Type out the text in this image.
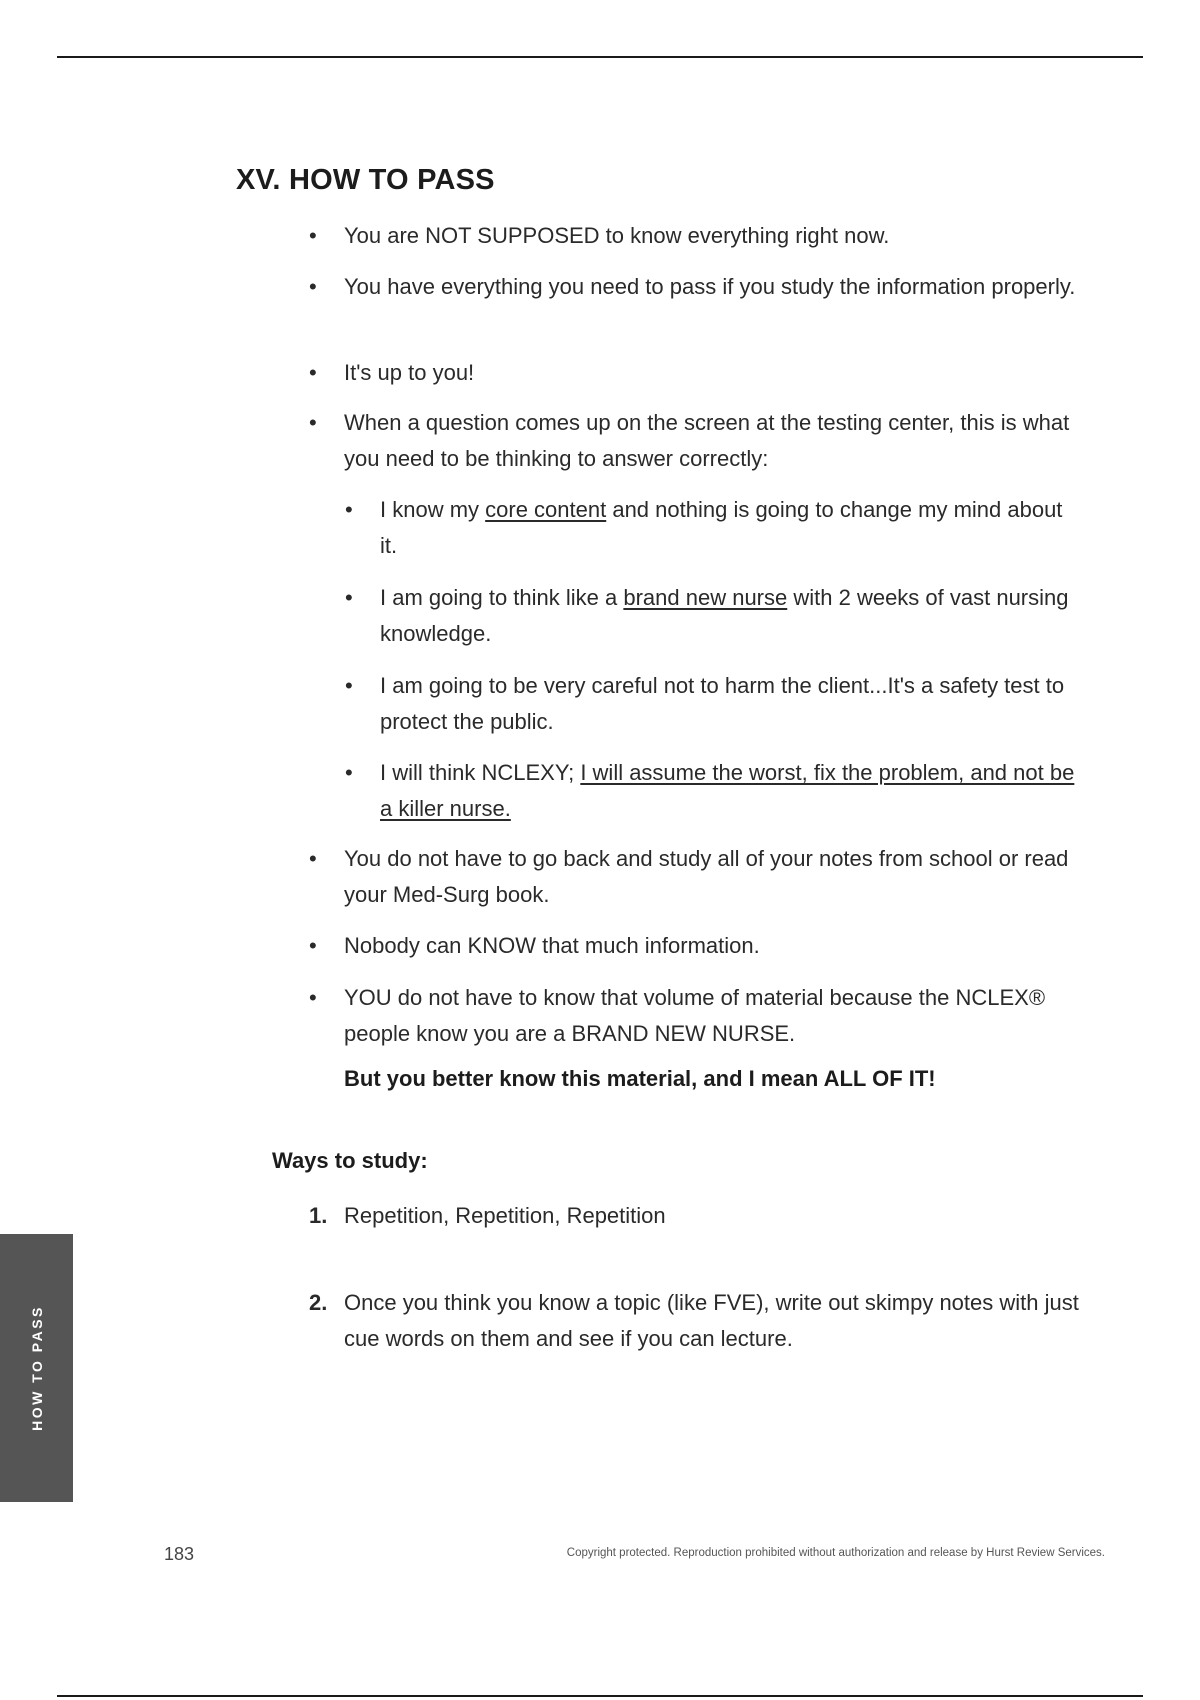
XV. HOW TO PASS
• You are NOT SUPPOSED to know everything right now.
• You have everything you need to pass if you study the information properly.
• It's up to you!
• When a question comes up on the screen at the testing center, this is what you need to be thinking to answer correctly:
• I know my core content and nothing is going to change my mind about it.
• I am going to think like a brand new nurse with 2 weeks of vast nursing knowledge.
• I am going to be very careful not to harm the client...It's a safety test to protect the public.
• I will think NCLEXY; I will assume the worst, fix the problem, and not be a killer nurse.
• You do not have to go back and study all of your notes from school or read your Med-Surg book.
• Nobody can KNOW that much information.
• YOU do not have to know that volume of material because the NCLEX® people know you are a BRAND NEW NURSE.
But you better know this material, and I mean ALL OF IT!
Ways to study:
1. Repetition, Repetition, Repetition
2. Once you think you know a topic (like FVE), write out skimpy notes with just cue words on them and see if you can lecture.
HOW TO PASS
183	Copyright protected. Reproduction prohibited without authorization and release by Hurst Review Services.
